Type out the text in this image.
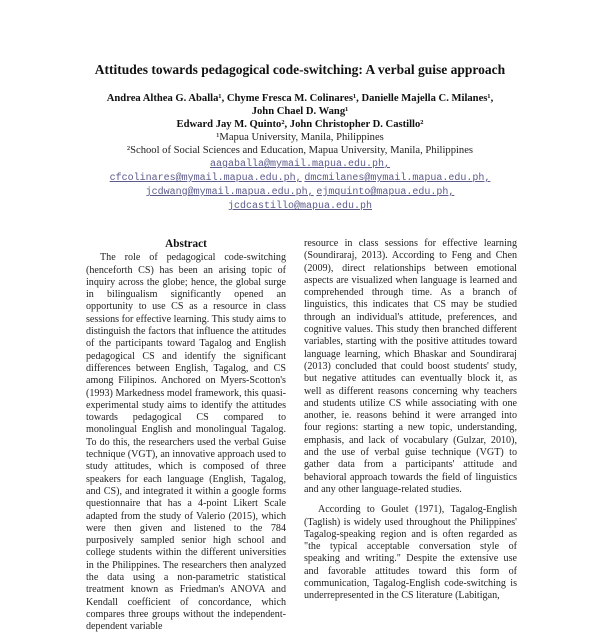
Attitudes towards pedagogical code-switching: A verbal guise approach
Andrea Althea G. Aballa¹, Chyme Fresca M. Colinares¹, Danielle Majella C. Milanes¹,
John Chael D. Wang¹
Edward Jay M. Quinto², John Christopher D. Castillo²
¹Mapua University, Manila, Philippines
²School of Social Sciences and Education, Mapua University, Manila, Philippines
aagaballa@mymail.mapua.edu.ph,
cfcolinares@mymail.mapua.edu.ph, dmcmilanes@mymail.mapua.edu.ph,
jcdwang@mymail.mapua.edu.ph, ejmquinto@mapua.edu.ph,
jcdcastillo@mapua.edu.ph
Abstract

The role of pedagogical code-switching (henceforth CS) has been an arising topic of inquiry across the globe; hence, the global surge in bilingualism significantly opened an opportunity to use CS as a resource in class sessions for effective learning. This study aims to distinguish the factors that influence the attitudes of the participants toward Tagalog and English pedagogical CS and identify the significant differences between English, Tagalog, and CS among Filipinos. Anchored on Myers-Scotton's (1993) Markedness model framework, this quasi-experimental study aims to identify the attitudes towards pedagogical CS compared to monolingual English and monolingual Tagalog. To do this, the researchers used the verbal Guise technique (VGT), an innovative approach used to study attitudes, which is composed of three speakers for each language (English, Tagalog, and CS), and integrated it within a google forms questionnaire that has a 4-point Likert Scale adapted from the study of Valerio (2015), which were then given and listened to the 784 purposively sampled senior high school and college students within the different universities in the Philippines. The researchers then analyzed the data using a non-parametric statistical treatment known as Friedman's ANOVA and Kendall coefficient of concordance, which compares three groups without the independent-dependent variable

resource in class sessions for effective learning (Soundiraraj, 2013). According to Feng and Chen (2009), direct relationships between emotional aspects are visualized when language is learned and comprehended through time. As a branch of linguistics, this indicates that CS may be studied through an individual's attitude, preferences, and cognitive values. This study then branched different variables, starting with the positive attitudes toward language learning, which Bhaskar and Soundiraraj (2013) concluded that could boost students' study, but negative attitudes can eventually block it, as well as different reasons concerning why teachers and students utilize CS while associating with one another, ie. reasons behind it were arranged into four regions: starting a new topic, understanding, emphasis, and lack of vocabulary (Gulzar, 2010), and the use of verbal guise technique (VGT) to gather data from a participants' attitude and behavioral approach towards the field of linguistics and any other language-related studies.

According to Goulet (1971), Tagalog-English (Taglish) is widely used throughout the Philippines' Tagalog-speaking region and is often regarded as "the typical acceptable conversation style of speaking and writing." Despite the extensive use and favorable attitudes toward this form of communication, Tagalog-English code-switching is underrepresented in the CS literature (Labitigan,
